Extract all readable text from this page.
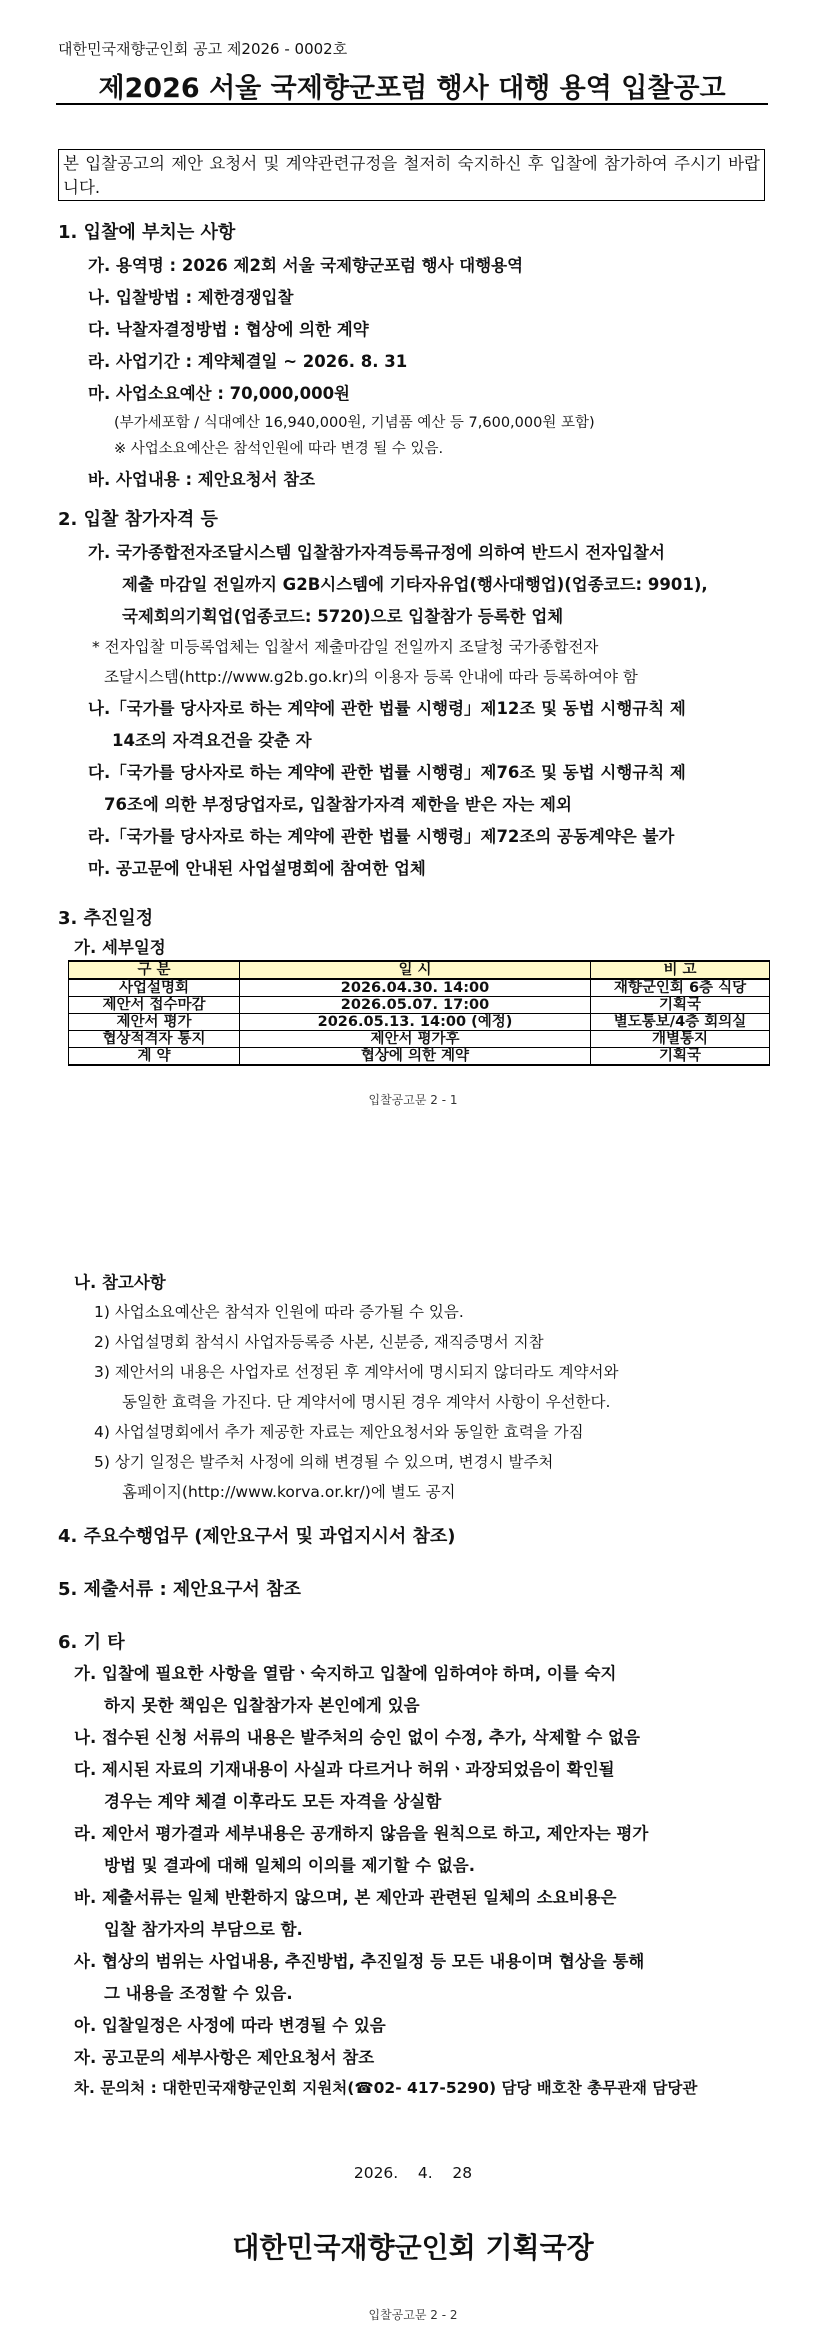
대한민국재향군인회 공고 제2026 - 0002호
제2026 서울 국제향군포럼 행사 대행 용역 입찰공고
본 입찰공고의 제안 요청서 및 계약관련규정을 철저히 숙지하신 후 입찰에 참가하여 주시기 바랍니다.
1. 입찰에 부치는 사항
가. 용역명 : 2026 제2회 서울 국제향군포럼 행사 대행용역
나. 입찰방법 : 제한경쟁입찰
다. 낙찰자결정방법 : 협상에 의한 계약
라. 사업기간 : 계약체결일 ~ 2026. 8. 31
마. 사업소요예산 : 70,000,000원
(부가세포함 / 식대예산 16,940,000원, 기념품 예산 등 7,600,000원 포함)
※ 사업소요예산은 참석인원에 따라 변경 될 수 있음.
바. 사업내용 : 제안요청서 참조
2. 입찰 참가자격 등
가. 국가종합전자조달시스템 입찰참가자격등록규정에 의하여 반드시 전자입찰서
제출 마감일 전일까지 G2B시스템에 기타자유업(행사대행업)(업종코드: 9901),
국제회의기획업(업종코드: 5720)으로 입찰참가 등록한 업체
* 전자입찰 미등록업체는 입찰서 제출마감일 전일까지 조달청 국가종합전자
조달시스템(http://www.g2b.go.kr)의 이용자 등록 안내에 따라 등록하여야 함
나.「국가를 당사자로 하는 계약에 관한 법률 시행령」제12조 및 동법 시행규칙 제
14조의 자격요건을 갖춘 자
다.「국가를 당사자로 하는 계약에 관한 법률 시행령」제76조 및 동법 시행규칙 제
76조에 의한 부정당업자로, 입찰참가자격 제한을 받은 자는 제외
라.「국가를 당사자로 하는 계약에 관한 법률 시행령」제72조의 공동계약은 불가
마. 공고문에 안내된 사업설명회에 참여한 업체
3. 추진일정
가. 세부일정
구 분	일 시	비 고
사업설명회	2026.04.30. 14:00	재향군인회 6층 식당
제안서 접수마감	2026.05.07. 17:00	기획국
제안서 평가	2026.05.13. 14:00 (예정)	별도통보/4층 회의실
협상적격자 통지	제안서 평가후	개별통지
계 약	협상에 의한 계약	기획국
입찰공고문 2 - 1
나. 참고사항
1) 사업소요예산은 참석자 인원에 따라 증가될 수 있음.
2) 사업설명회 참석시 사업자등록증 사본, 신분증, 재직증명서 지참
3) 제안서의 내용은 사업자로 선정된 후 계약서에 명시되지 않더라도 계약서와
동일한 효력을 가진다. 단 계약서에 명시된 경우 계약서 사항이 우선한다.
4) 사업설명회에서 추가 제공한 자료는 제안요청서와 동일한 효력을 가짐
5) 상기 일정은 발주처 사정에 의해 변경될 수 있으며, 변경시 발주처
홈페이지(http://www.korva.or.kr/)에 별도 공지
4. 주요수행업무 (제안요구서 및 과업지시서 참조)
5. 제출서류 : 제안요구서 참조
6. 기 타
가. 입찰에 필요한 사항을 열람ㆍ숙지하고 입찰에 임하여야 하며, 이를 숙지
하지 못한 책임은 입찰참가자 본인에게 있음
나. 접수된 신청 서류의 내용은 발주처의 승인 없이 수정, 추가, 삭제할 수 없음
다. 제시된 자료의 기재내용이 사실과 다르거나 허위ㆍ과장되었음이 확인될
경우는 계약 체결 이후라도 모든 자격을 상실함
라. 제안서 평가결과 세부내용은 공개하지 않음을 원칙으로 하고, 제안자는 평가
방법 및 결과에 대해 일체의 이의를 제기할 수 없음.
바. 제출서류는 일체 반환하지 않으며, 본 제안과 관련된 일체의 소요비용은
입찰 참가자의 부담으로 함.
사. 협상의 범위는 사업내용, 추진방법, 추진일정 등 모든 내용이며 협상을 통해
그 내용을 조정할 수 있음.
아. 입찰일정은 사정에 따라 변경될 수 있음
자. 공고문의 세부사항은 제안요청서 참조
차. 문의처 : 대한민국재향군인회 지원처(☎02- 417-5290) 담당 배호찬 총무관재 담당관
2026.    4.    28
대한민국재향군인회 기획국장
입찰공고문 2 - 2
